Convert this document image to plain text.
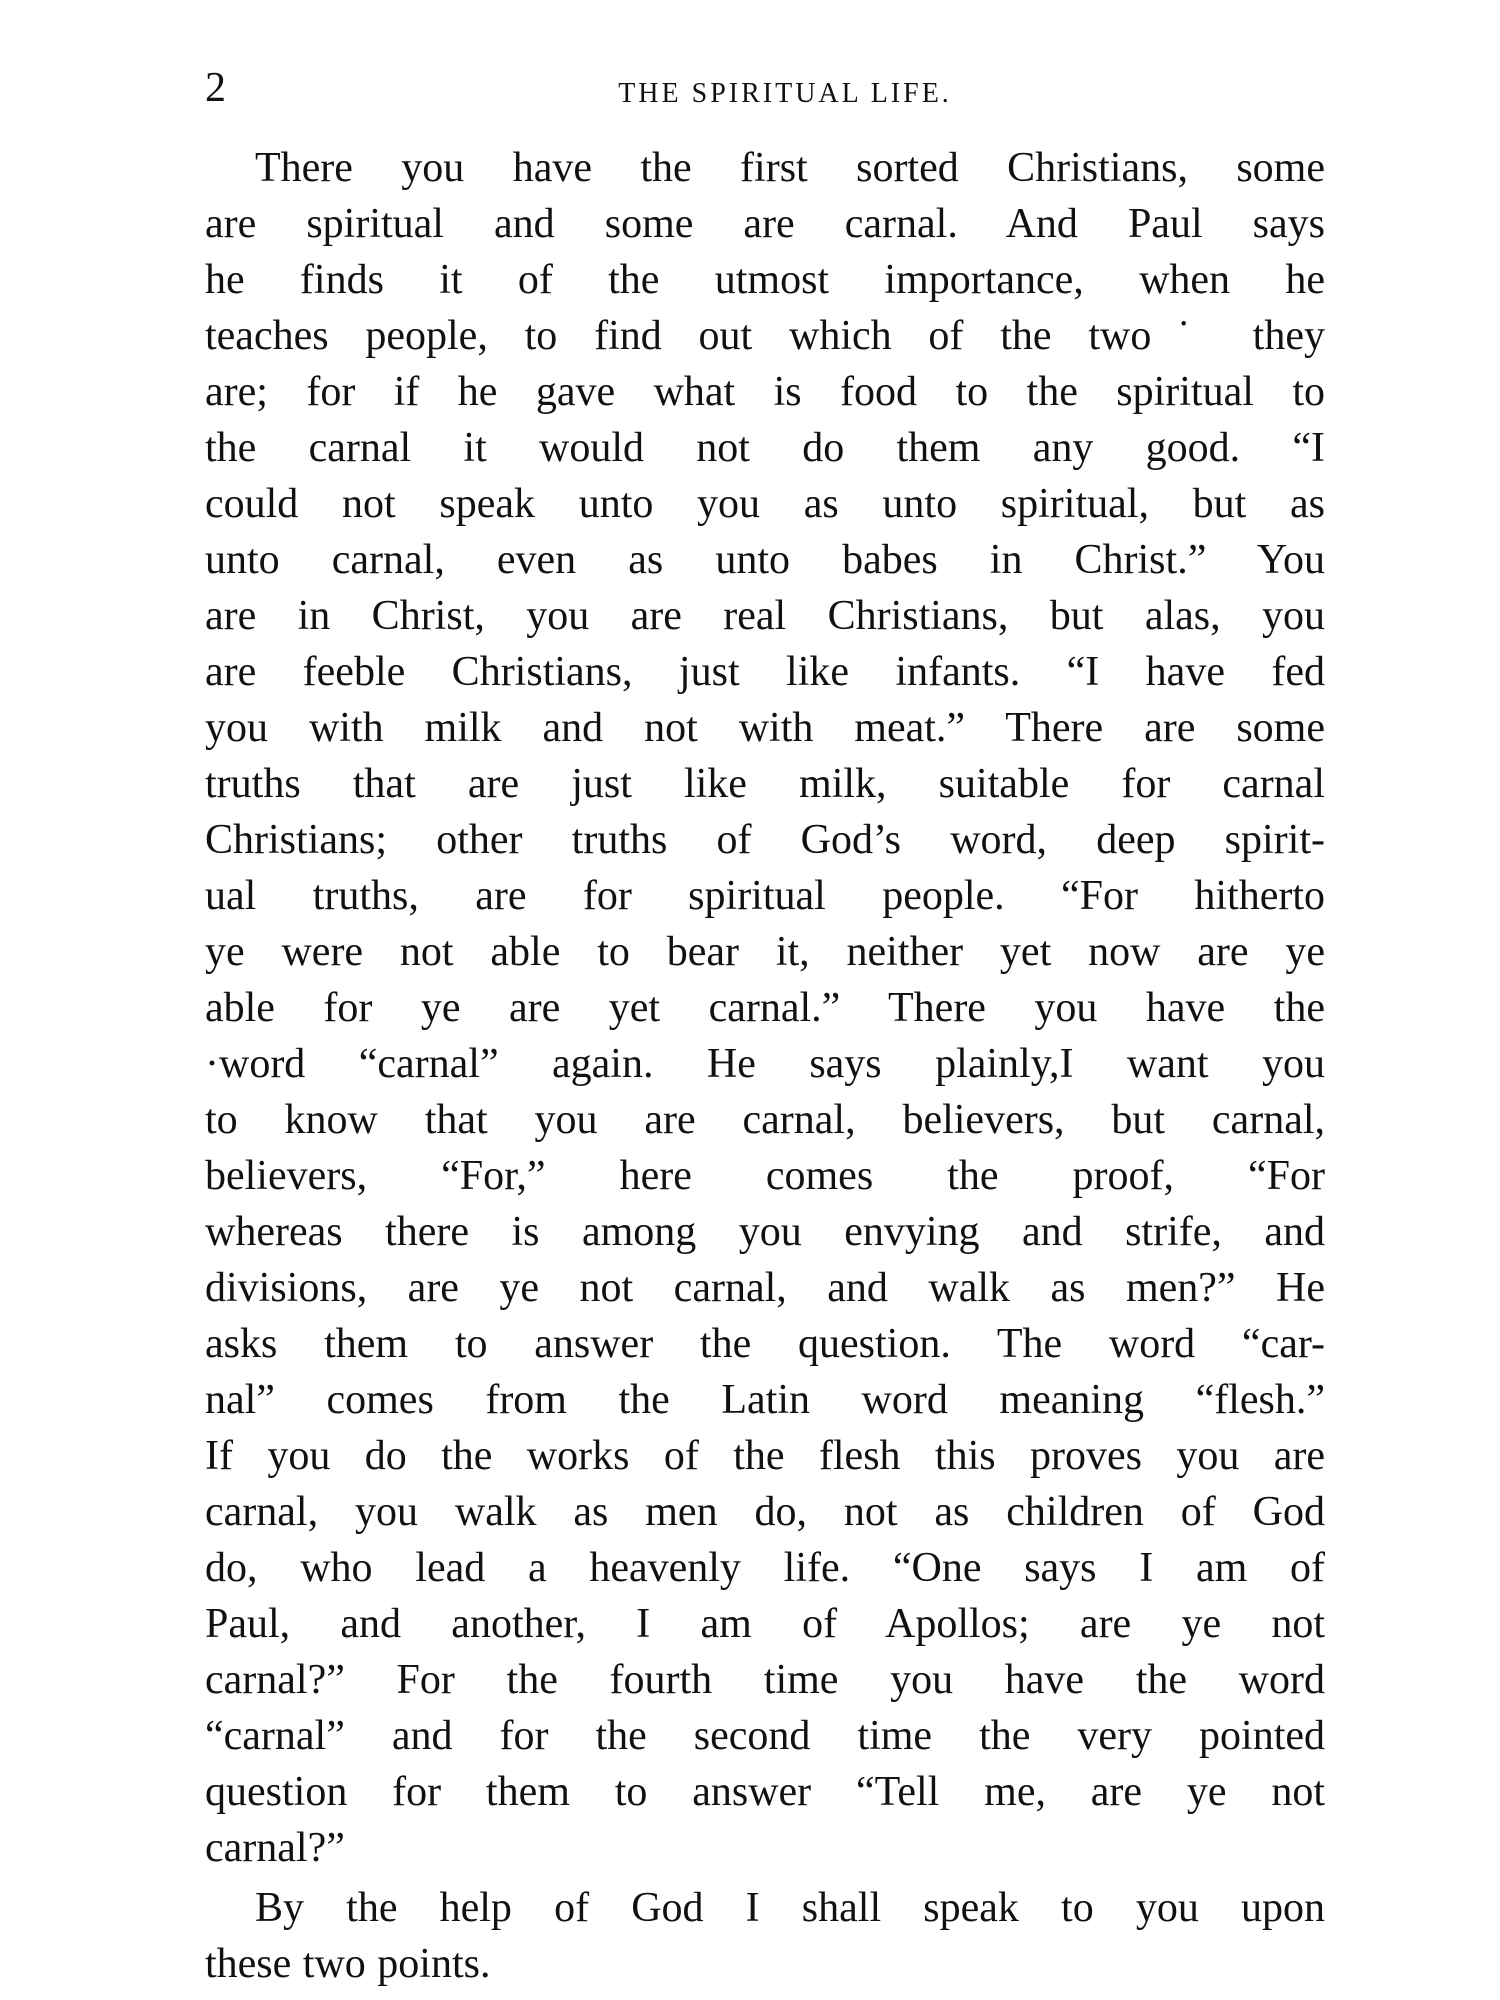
2	THE SPIRITUAL LIFE.

There you have the first sorted Christians, some
are spiritual and some are carnal. And Paul says
he finds it of the utmost importance, when he
teaches people, to find out which of the two˙ they
are; for if he gave what is food to the spiritual to
the carnal it would not do them any good. “I
could not speak unto you as unto spiritual, but as
unto carnal, even as unto babes in Christ.” You
are in Christ, you are real Christians, but alas, you
are feeble Christians, just like infants. “I have fed
you with milk and not with meat.” There are some
truths that are just like milk, suitable for carnal
Christians; other truths of God’s word, deep spirit-
ual truths, are for spiritual people. “For hitherto
ye were not able to bear it, neither yet now are ye
able for ye are yet carnal.” There you have the
·word “carnal” again. He says plainly,I want you
to know that you are carnal, believers, but carnal,
believers, “For,” here comes the proof, “For
whereas there is among you envying and strife, and
divisions, are ye not carnal, and walk as men?” He
asks them to answer the question. The word “car-
nal” comes from the Latin word meaning “flesh.”
If you do the works of the flesh this proves you are
carnal, you walk as men do, not as children of God
do, who lead a heavenly life. “One says I am of
Paul, and another, I am of Apollos; are ye not
carnal?” For the fourth time you have the word
“carnal” and for the second time the very pointed
question for them to answer “Tell me, are ye not
carnal?”

By the help of God I shall speak to you upon
these two points.
